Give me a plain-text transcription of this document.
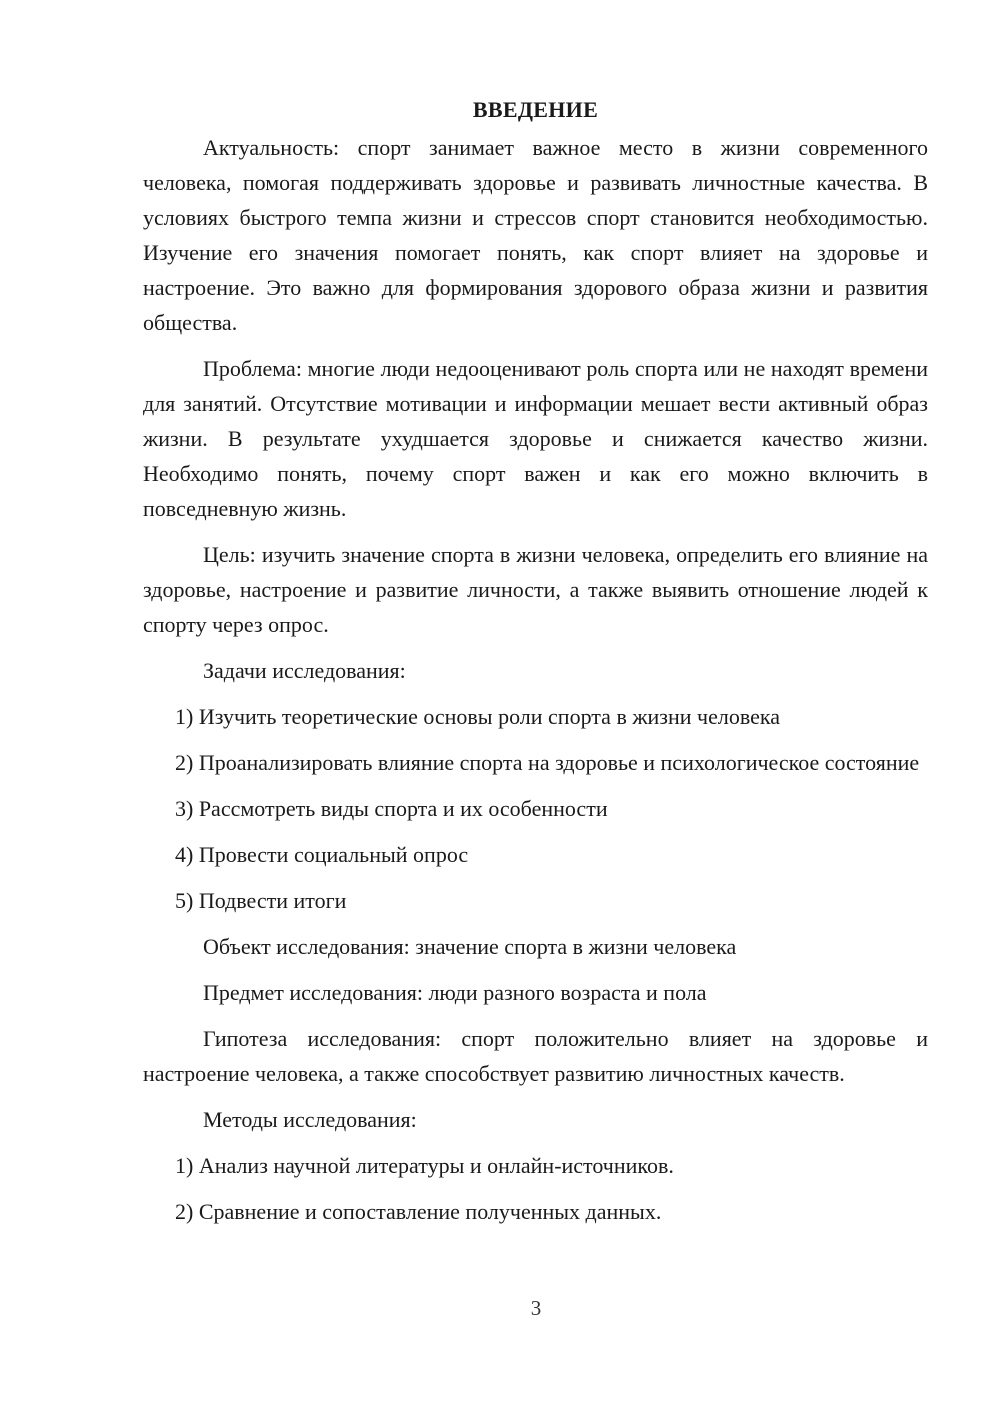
ВВЕДЕНИЕ

Актуальность: спорт занимает важное место в жизни современного человека, помогая поддерживать здоровье и развивать личностные качества. В условиях быстрого темпа жизни и стрессов спорт становится необходимостью. Изучение его значения помогает понять, как спорт влияет на здоровье и настроение. Это важно для формирования здорового образа жизни и развития общества.

Проблема: многие люди недооценивают роль спорта или не находят времени для занятий. Отсутствие мотивации и информации мешает вести активный образ жизни. В результате ухудшается здоровье и снижается качество жизни. Необходимо понять, почему спорт важен и как его можно включить в повседневную жизнь.

Цель: изучить значение спорта в жизни человека, определить его влияние на здоровье, настроение и развитие личности, а также выявить отношение людей к спорту через опрос.

Задачи исследования:

1) Изучить теоретические основы роли спорта в жизни человека

2) Проанализировать влияние спорта на здоровье и психологическое состояние

3) Рассмотреть виды спорта и их особенности

4) Провести социальный опрос

5) Подвести итоги

Объект исследования: значение спорта в жизни человека

Предмет исследования: люди разного возраста и пола

Гипотеза исследования: спорт положительно влияет на здоровье и настроение человека, а также способствует развитию личностных качеств.

Методы исследования:

1) Анализ научной литературы и онлайн-источников.

2) Сравнение и сопоставление полученных данных.

3
